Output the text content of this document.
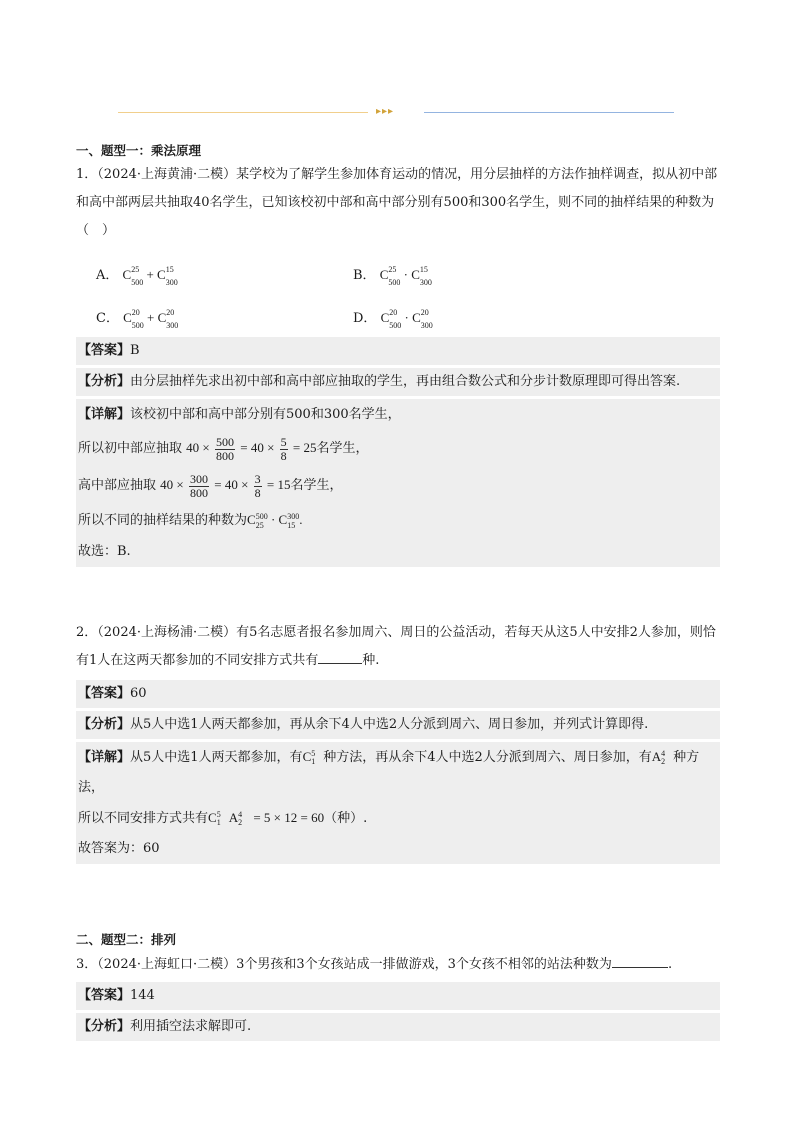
▸▸▸
一、题型一：乘法原理
1．（2024·上海黄浦·二模）某学校为了解学生参加体育运动的情况，用分层抽样的方法作抽样调查，拟从初中部和高中部两层共抽取40名学生，已知该校初中部和高中部分别有500和300名学生，则不同的抽样结果的种数为（　）
A． C 25
500
+ C 15
300	B． C 25
500
· C 15
300
C． C 20
500
+ C 20
300	D． C 20
500
· C 20
300
【答案】B
【分析】由分层抽样先求出初中部和高中部应抽取的学生，再由组合数公式和分步计数原理即可得出答案.
【详解】该校初中部和高中部分别有500和300名学生，
所以初中部应抽取 $40 \times \frac{500}{800} = 40 \times \frac{5}{8} = 25$名学生，
高中部应抽取 $40 \times \frac{300}{800} = 40 \times \frac{3}{8} = 15$名学生，
所以不同的抽样结果的种数为C 25
500 · C 15
300 .
故选：B.
2．（2024·上海杨浦·二模）有5名志愿者报名参加周六、周日的公益活动，若每天从这5人中安排2人参加，则恰有1人在这两天都参加的不同安排方式共有	种.
【答案】60
【分析】从5人中选1人两天都参加，再从余下4人中选2人分派到周六、周日参加，并列式计算即得.
【详解】从5人中选1人两天都参加，有C 1
5 种方法，再从余下4人中选2人分派到周六、周日参加，有A 2
4 种方法，
所以不同安排方式共有C 1
5 A 2
4 = 5 × 12 = 60（种）.
故答案为：60
二、题型二：排列
3．（2024·上海虹口·二模）3个男孩和3个女孩站成一排做游戏，3个女孩不相邻的站法种数为	.
【答案】144
【分析】利用插空法求解即可.
